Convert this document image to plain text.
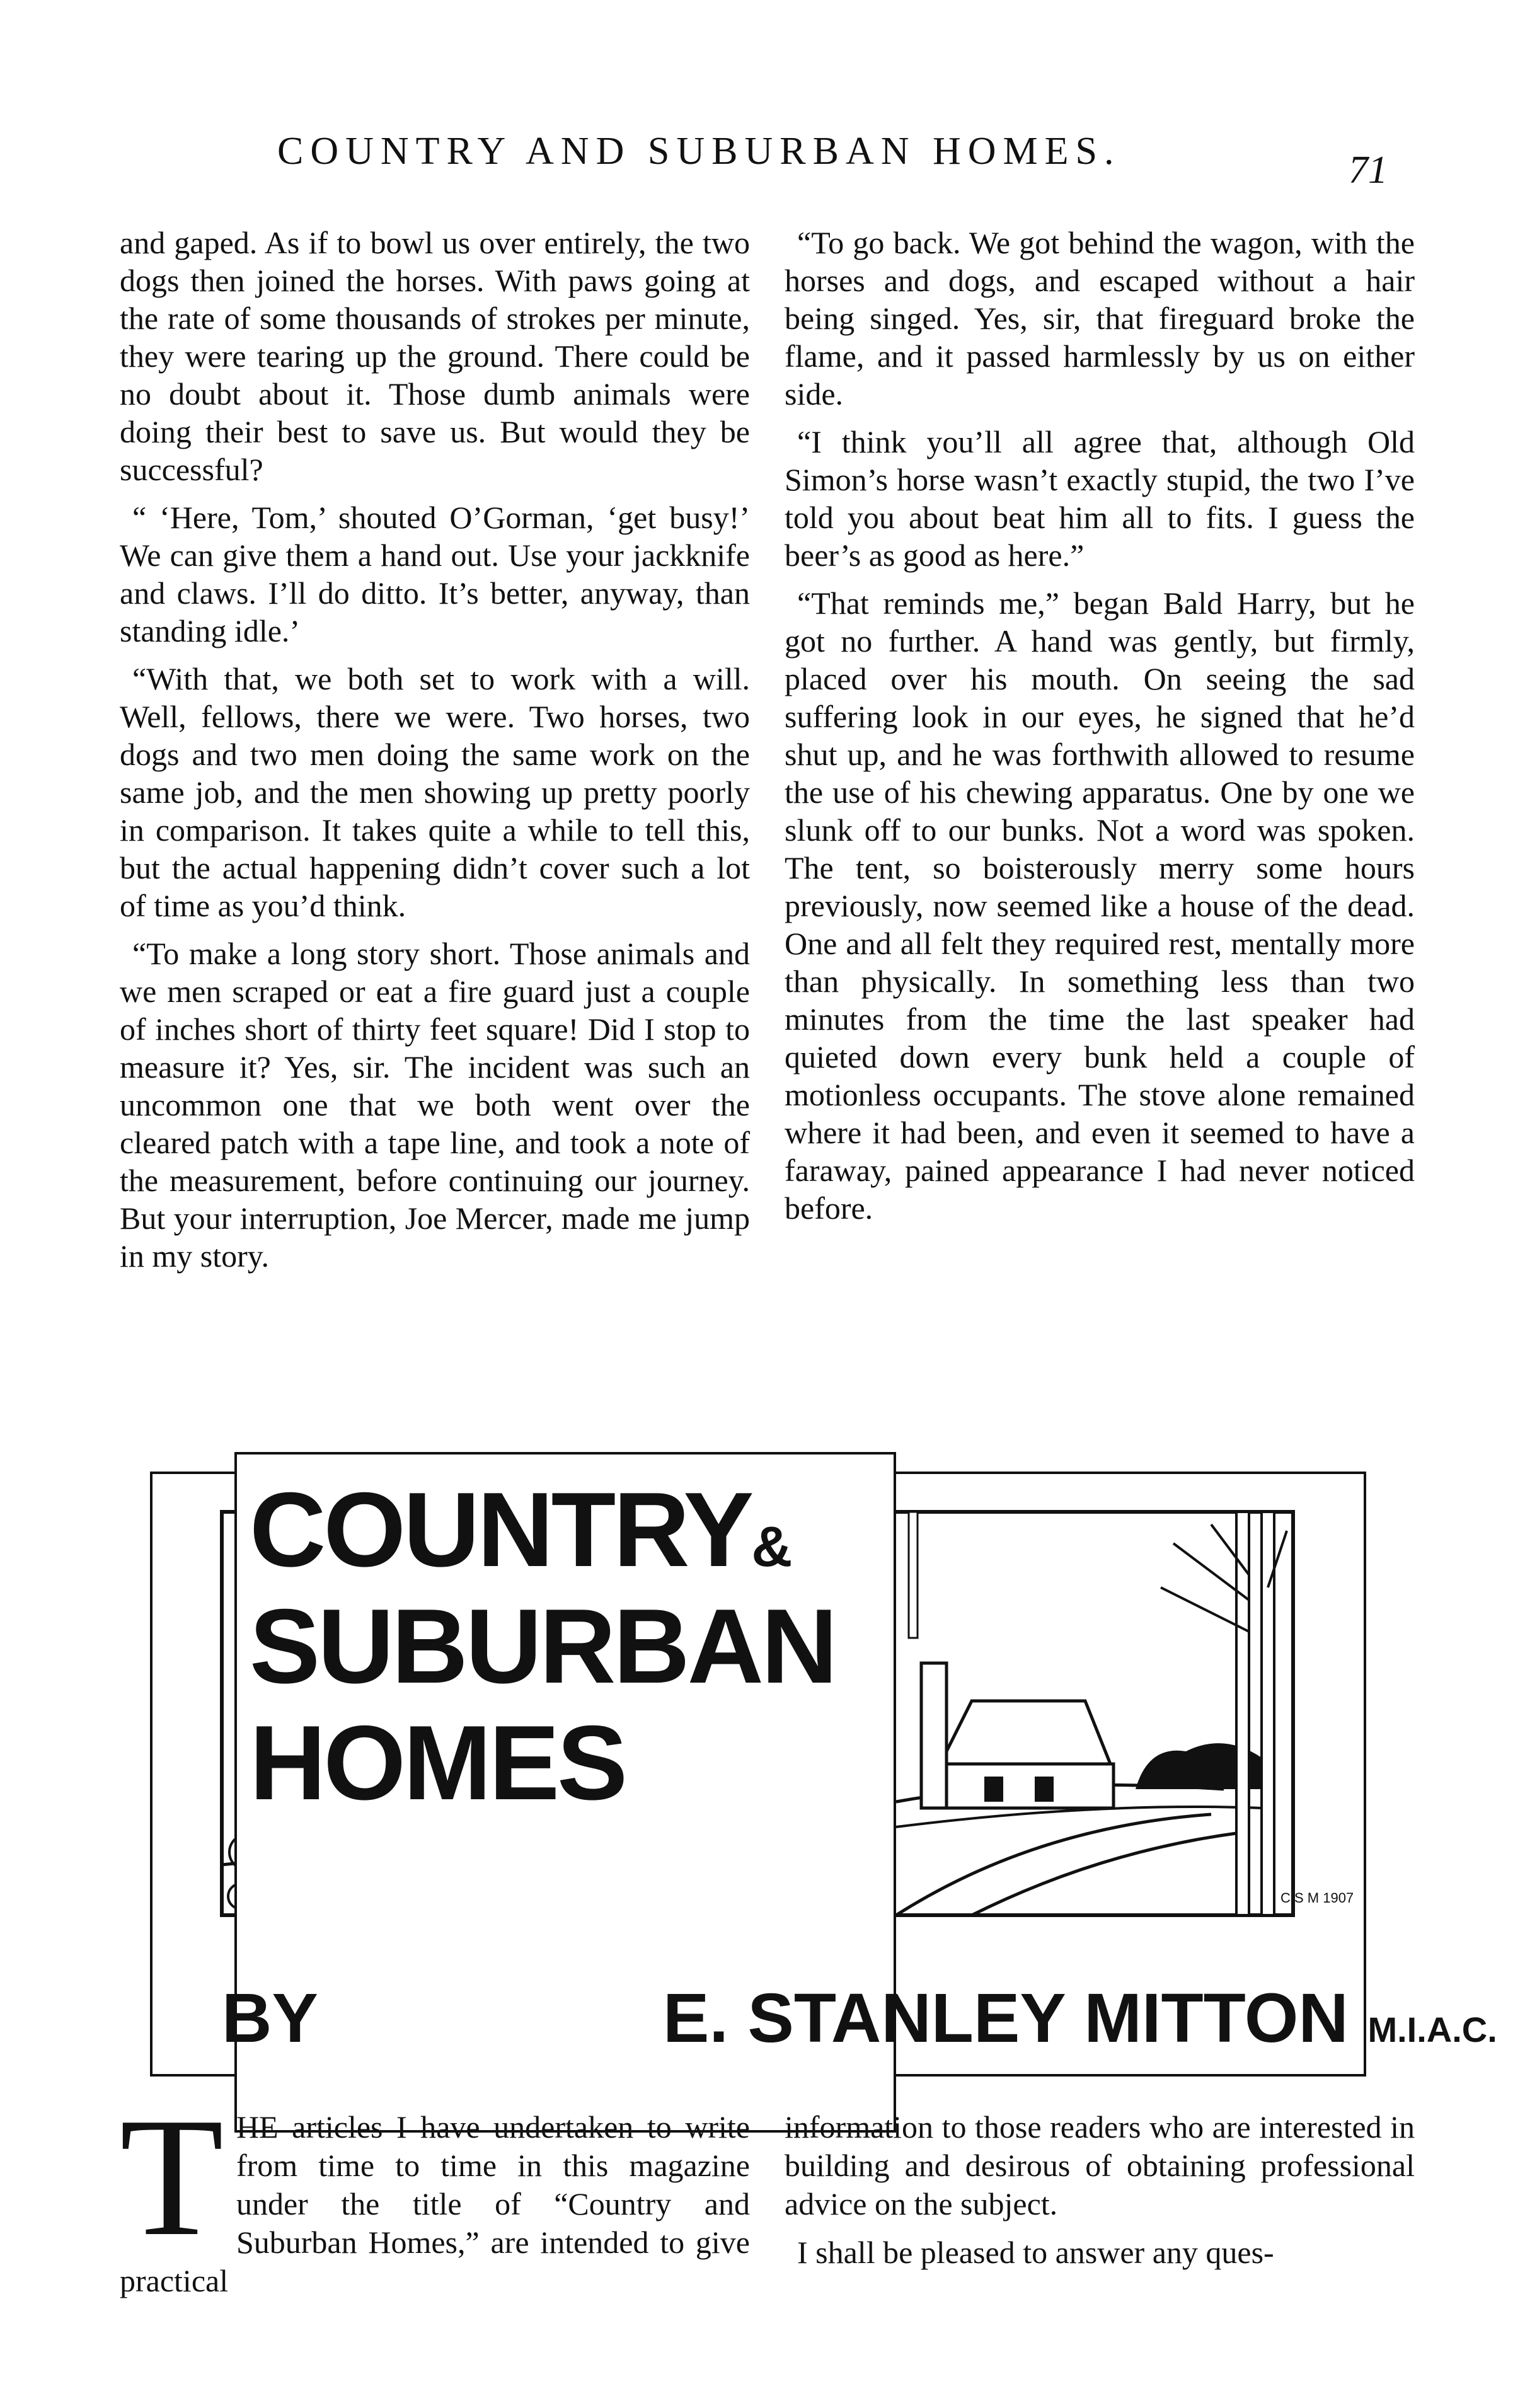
COUNTRY AND SUBURBAN HOMES.	71

and gaped. As if to bowl us over entirely, the two dogs then joined the horses. With paws going at the rate of some thousands of strokes per minute, they were tearing up the ground. There could be no doubt about it. Those dumb animals were doing their best to save us. But would they be successful?

“ ‘Here, Tom,’ shouted O’Gorman, ‘get busy!’ We can give them a hand out. Use your jackknife and claws. I’ll do ditto. It’s better, anyway, than standing idle.’

“With that, we both set to work with a will. Well, fellows, there we were. Two horses, two dogs and two men doing the same work on the same job, and the men showing up pretty poorly in comparison. It takes quite a while to tell this, but the actual happening didn’t cover such a lot of time as you’d think.

“To make a long story short. Those animals and we men scraped or eat a fire guard just a couple of inches short of thirty feet square! Did I stop to measure it? Yes, sir. The incident was such an uncommon one that we both went over the cleared patch with a tape line, and took a note of the measurement, before continuing our journey. But your interruption, Joe Mercer, made me jump in my story.

“To go back. We got behind the wagon, with the horses and dogs, and escaped without a hair being singed. Yes, sir, that fireguard broke the flame, and it passed harmlessly by us on either side.

“I think you’ll all agree that, although Old Simon’s horse wasn’t exactly stupid, the two I’ve told you about beat him all to fits. I guess the beer’s as good as here.”

“That reminds me,” began Bald Harry, but he got no further. A hand was gently, but firmly, placed over his mouth. On seeing the sad suffering look in our eyes, he signed that he’d shut up, and he was forthwith allowed to resume the use of his chewing apparatus. One by one we slunk off to our bunks. Not a word was spoken. The tent, so boisterously merry some hours previously, now seemed like a house of the dead. One and all felt they required rest, mentally more than physically. In something less than two minutes from the time the last speaker had quieted down every bunk held a couple of motionless occupants. The stove alone remained where it had been, and even it seemed to have a faraway, pained appearance I had never noticed before.

C S M 1907
COUNTRY&
SUBURBAN
HOMES
BY	E. STANLEY MITTON M.I.A.C.
T HE articles I have undertaken to write from time to time in this magazine under the title of “Country and Suburban Homes,” are intended to give practical

information to those readers who are interested in building and desirous of obtaining professional advice on the subject.

I shall be pleased to answer any ques-
